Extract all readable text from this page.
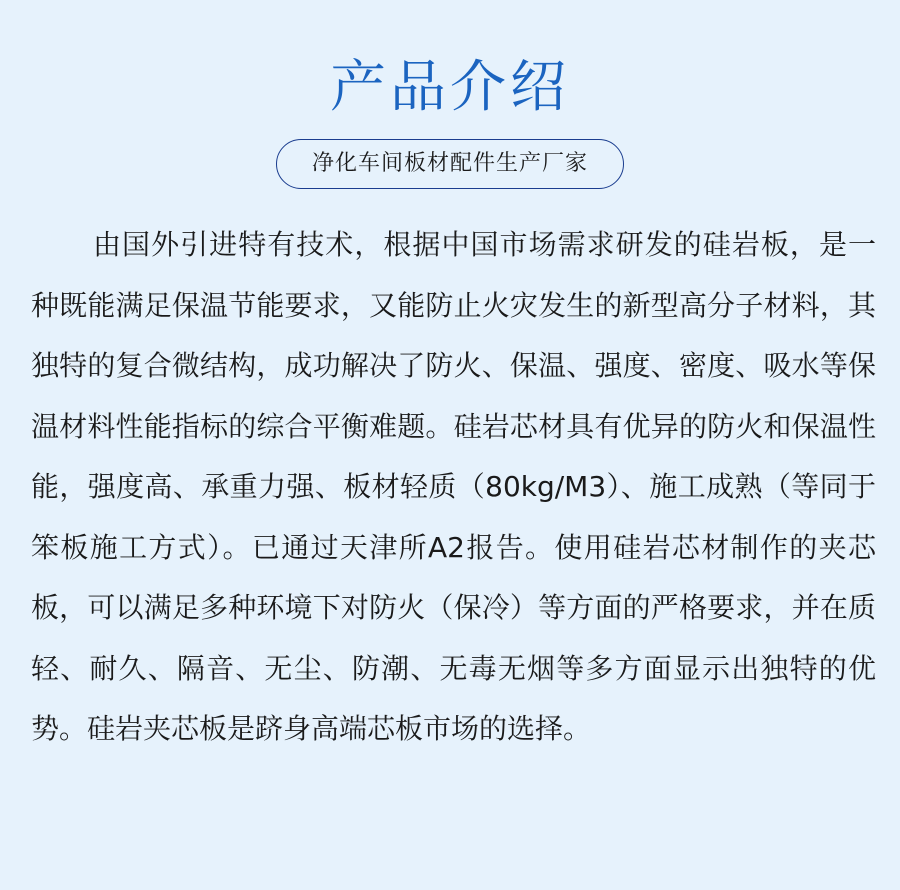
产品介绍
净化车间板材配件生产厂家

由国外引进特有技术，根据中国市场需求研发的硅岩板，是一种既能满足保温节能要求，又能防止火灾发生的新型高分子材料，其独特的复合微结构，成功解决了防火、保温、强度、密度、吸水等保温材料性能指标的综合平衡难题。硅岩芯材具有优异的防火和保温性能，强度高、承重力强、板材轻质（80kg/M3）、施工成熟（等同于笨板施工方式）。已通过天津所A2报告。使用硅岩芯材制作的夹芯板，可以满足多种环境下对防火（保冷）等方面的严格要求，并在质轻、耐久、隔音、无尘、防潮、无毒无烟等多方面显示出独特的优势。硅岩夹芯板是跻身高端芯板市场的选择。
